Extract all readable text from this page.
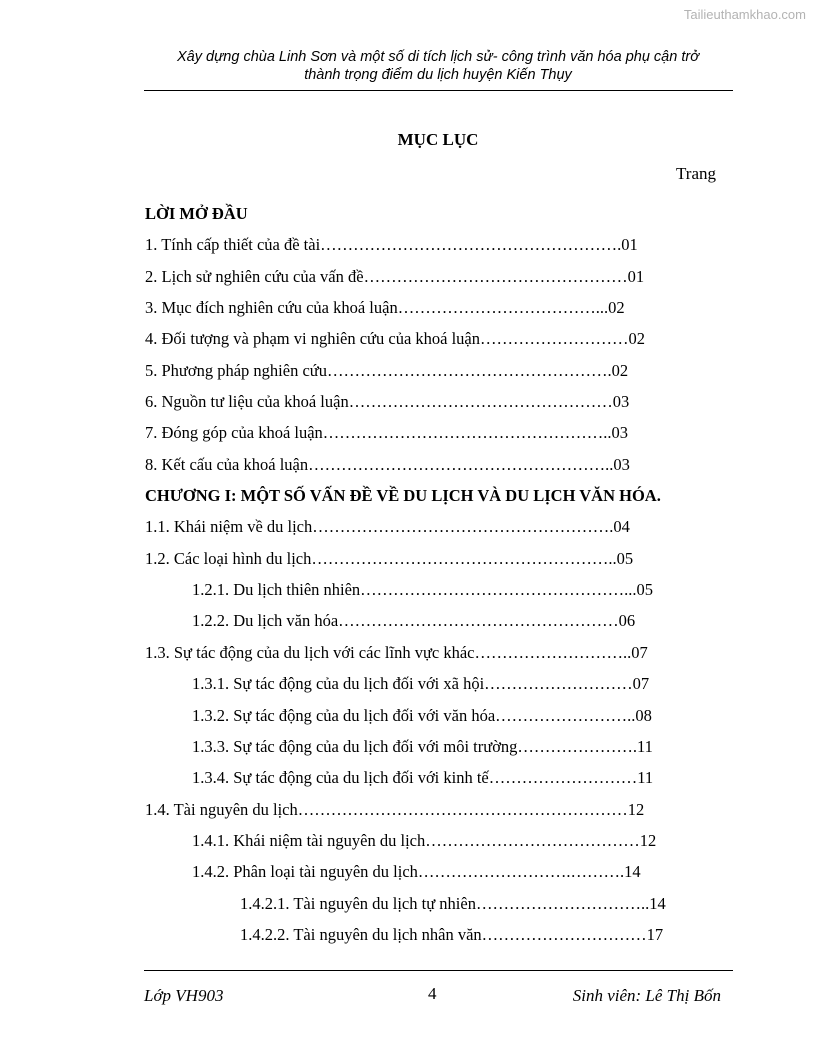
Tailieuthamkhao.com
Xây dựng chùa Linh Sơn và một số di tích lịch sử- công trình văn hóa phụ cận trở
thành trọng điểm du lịch huyện Kiến Thụy
MỤC LỤC
Trang
LỜI MỞ ĐẦU
1. Tính cấp thiết của đề tài……………………………………………….01
2. Lịch sử nghiên cứu của vấn đề…………………………………………01
3. Mục đích nghiên cứu của khoá luận………………………………...02
4. Đối tượng và phạm vi nghiên cứu của khoá luận………………………02
5. Phương pháp nghiên cứu…………………………………………….02
6. Nguồn tư liệu của khoá luận…………………………………………03
7. Đóng góp của khoá luận……………………………………………..03
8. Kết cấu của khoá luận………………………………………………..03
CHƯƠNG I: MỘT SỐ VẤN ĐỀ VỀ DU LỊCH VÀ DU LỊCH VĂN HÓA.
1.1. Khái niệm về du lịch……………………………………………….04
1.2. Các loại hình du lịch………………………………………………..05
1.2.1. Du lịch thiên nhiên…………………………………………...05
1.2.2. Du lịch văn hóa……………………………………………06
1.3. Sự tác động của du lịch với các lĩnh vực khác………………………..07
1.3.1. Sự tác động của du lịch đối với xã hội………………………07
1.3.2. Sự tác động của du lịch đối với văn hóa……………………..08
1.3.3. Sự tác động của du lịch đối với môi trường………………….11
1.3.4. Sự tác động của du lịch đối với kinh tế………………………11
1.4. Tài nguyên du lịch……………………………………………………12
1.4.1. Khái niệm tài nguyên du lịch…………………………………12
1.4.2. Phân loại tài nguyên du lịch……………………….……….14
1.4.2.1. Tài nguyên du lịch tự nhiên…………………………..14
1.4.2.2. Tài nguyên du lịch nhân văn…………………………17
Lớp VH903	4	Sinh viên: Lê Thị Bốn
